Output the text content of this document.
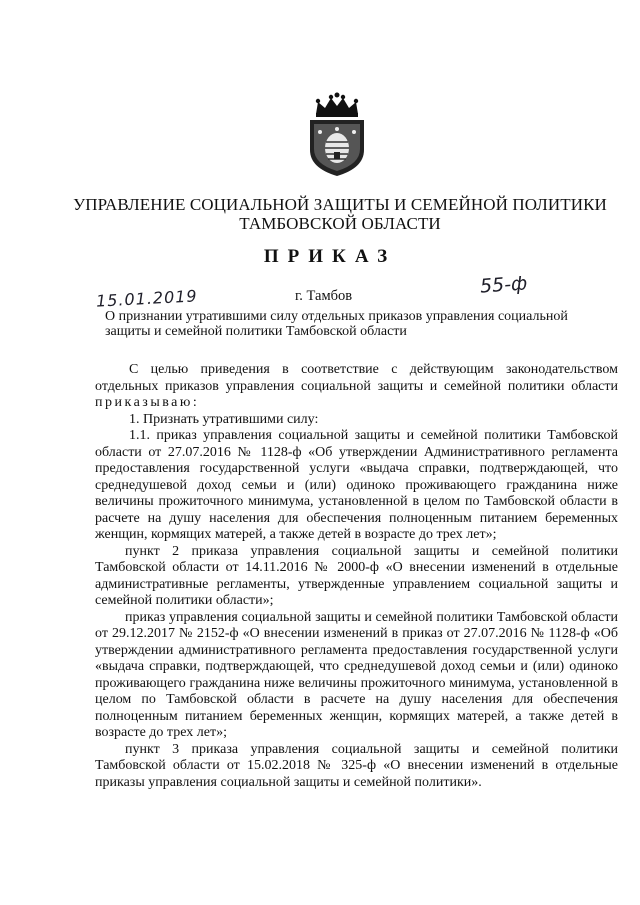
УПРАВЛЕНИЕ СОЦИАЛЬНОЙ ЗАЩИТЫ И СЕМЕЙНОЙ ПОЛИТИКИ
ТАМБОВСКОЙ ОБЛАСТИ
ПРИКАЗ
55-ф
15.01.2019	г. Тамбов
О признании утратившими силу отдельных приказов управления социальной
защиты и семейной политики Тамбовской области

С целью приведения в соответствие с действующим законодательством отдельных приказов управления социальной защиты и семейной политики области приказываю:

1. Признать утратившими силу:

1.1. приказ управления социальной защиты и семейной политики Тамбовской области от 27.07.2016 № 1128-ф «Об утверждении Административного регламента предоставления государственной услуги «выдача справки, подтверждающей, что среднедушевой доход семьи и (или) одиноко проживающего гражданина ниже величины прожиточного минимума, установленной в целом по Тамбовской области в расчете на душу населения для обеспечения полноценным питанием беременных женщин, кормящих матерей, а также детей в возрасте до трех лет»;

пункт 2 приказа управления социальной защиты и семейной политики Тамбовской области от 14.11.2016 № 2000-ф «О внесении изменений в отдельные административные регламенты, утвержденные управлением социальной защиты и семейной политики области»;

приказ управления социальной защиты и семейной политики Тамбовской области от 29.12.2017 № 2152-ф «О внесении изменений в приказ от 27.07.2016 № 1128-ф «Об утверждении административного регламента предоставления государственной услуги «выдача справки, подтверждающей, что среднедушевой доход семьи и (или) одиноко проживающего гражданина ниже величины прожиточного минимума, установленной в целом по Тамбовской области в расчете на душу населения для обеспечения полноценным питанием беременных женщин, кормящих матерей, а также детей в возрасте до трех лет»;

пункт 3 приказа управления социальной защиты и семейной политики Тамбовской области от 15.02.2018 № 325-ф «О внесении изменений в отдельные приказы управления социальной защиты и семейной политики».
